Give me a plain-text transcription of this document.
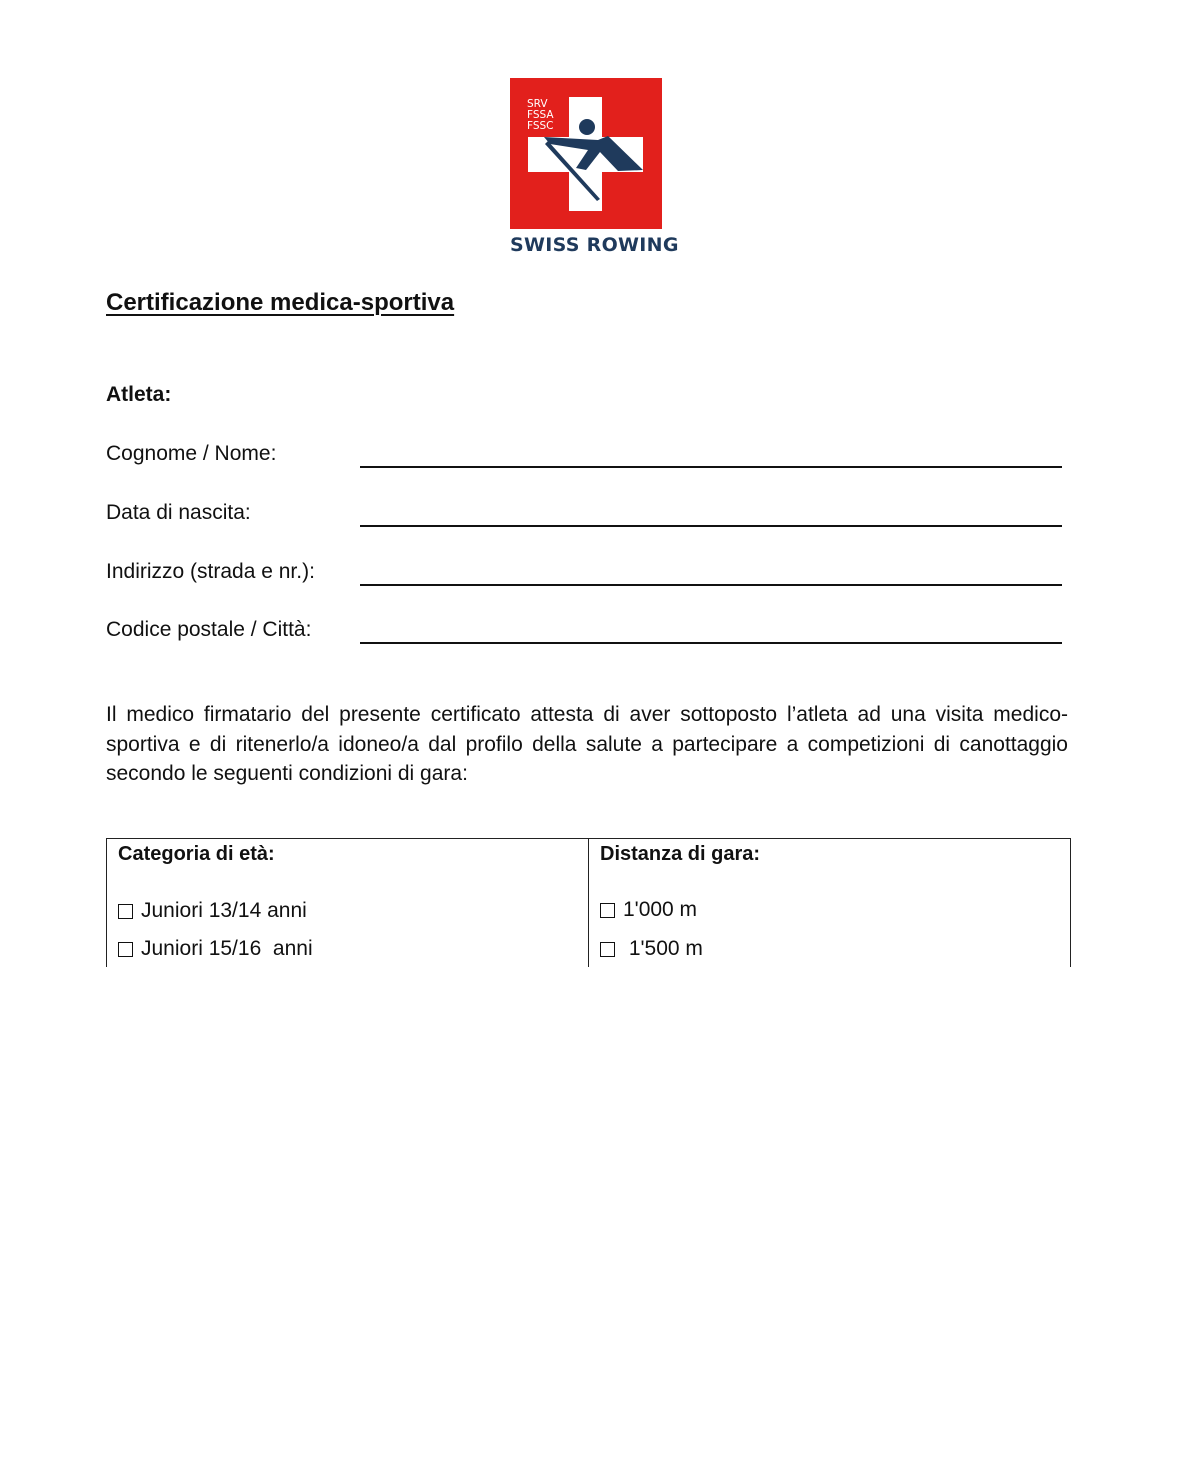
SRV
FSSA
FSSC
SWISS ROWING
Certificazione medica-sportiva
Atleta:
Cognome / Nome:
Data di nascita:
Indirizzo (strada e nr.):
Codice postale / Città:
Il medico firmatario del presente certificato attesta di aver sottoposto l’atleta ad una visita medico-sportiva e di ritenerlo/a idoneo/a dal profilo della salute a partecipare a competizioni di canottaggio secondo le seguenti condizioni di gara:
Categoria di età:
Juniori 13/14 anni
Juniori 15/16  anni
Distanza di gara:
1'000 m
1'500 m
